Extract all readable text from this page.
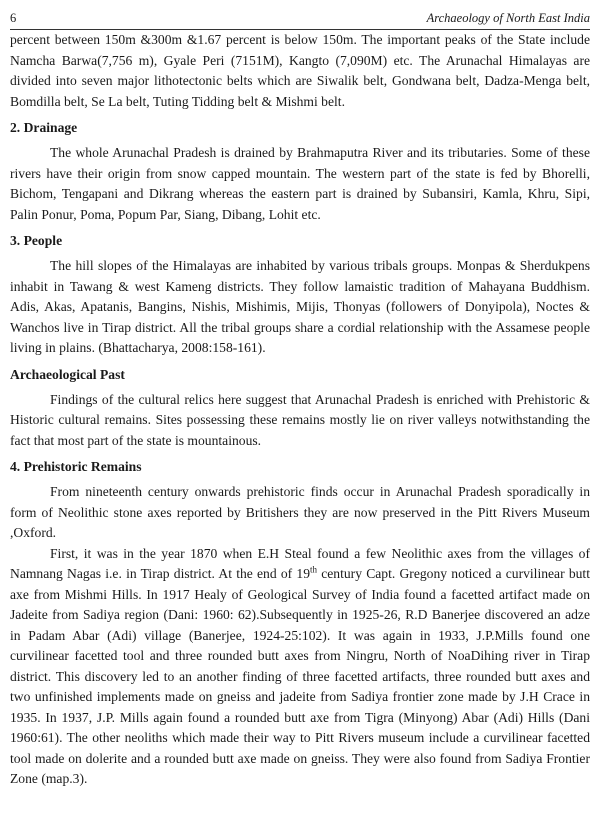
6	Archaeology of North East India

percent between 150m &300m &1.67 percent is below 150m. The important peaks of the State include Namcha Barwa(7,756 m), Gyale Peri (7151M), Kangto (7,090M) etc. The Arunachal Himalayas are divided into seven major lithotectonic belts which are Siwalik belt, Gondwana belt, Dadza-Menga belt, Bomdilla belt, Se La belt, Tuting Tidding belt & Mishmi belt.

2. Drainage

The whole Arunachal Pradesh is drained by Brahmaputra River and its tributaries. Some of these rivers have their origin from snow capped mountain. The western part of the state is fed by Bhorelli, Bichom, Tengapani and Dikrang whereas the eastern part is drained by Subansiri, Kamla, Khru, Sipi, Palin Ponur, Poma, Popum Par, Siang, Dibang, Lohit etc.

3. People

The hill slopes of the Himalayas are inhabited by various tribals groups. Monpas & Sherdukpens inhabit in Tawang & west Kameng districts. They follow lamaistic tradition of Mahayana Buddhism. Adis, Akas, Apatanis, Bangins, Nishis, Mishimis, Mijis, Thonyas (followers of Donyipola), Noctes & Wanchos live in Tirap district. All the tribal groups share a cordial relationship with the Assamese people living in plains. (Bhattacharya, 2008:158-161).

Archaeological Past

Findings of the cultural relics here suggest that Arunachal Pradesh is enriched with Prehistoric & Historic cultural remains. Sites possessing these remains mostly lie on river valleys notwithstanding the fact that most part of the state is mountainous.

4. Prehistoric Remains

From nineteenth century onwards prehistoric finds occur in Arunachal Pradesh sporadically in form of Neolithic stone axes reported by Britishers they are now preserved in the Pitt Rivers Museum ,Oxford.

First, it was in the year 1870 when E.H Steal found a few Neolithic axes from the villages of Namnang Nagas i.e. in Tirap district. At the end of 19th century Capt. Gregony noticed a curvilinear butt axe from Mishmi Hills. In 1917 Healy of Geological Survey of India found a facetted artifact made on Jadeite from Sadiya region (Dani: 1960: 62).Subsequently in 1925-26, R.D Banerjee discovered an adze in Padam Abar (Adi) village (Banerjee, 1924-25:102). It was again in 1933, J.P.Mills found one curvilinear facetted tool and three rounded butt axes from Ningru, North of NoaDihing river in Tirap district. This discovery led to an another finding of three facetted artifacts, three rounded butt axes and two unfinished implements made on gneiss and jadeite from Sadiya frontier zone made by J.H Crace in 1935. In 1937, J.P. Mills again found a rounded butt axe from Tigra (Minyong) Abar (Adi) Hills (Dani 1960:61). The other neoliths which made their way to Pitt Rivers museum include a curvilinear facetted tool made on dolerite and a rounded butt axe made on gneiss. They were also found from Sadiya Frontier Zone (map.3).
